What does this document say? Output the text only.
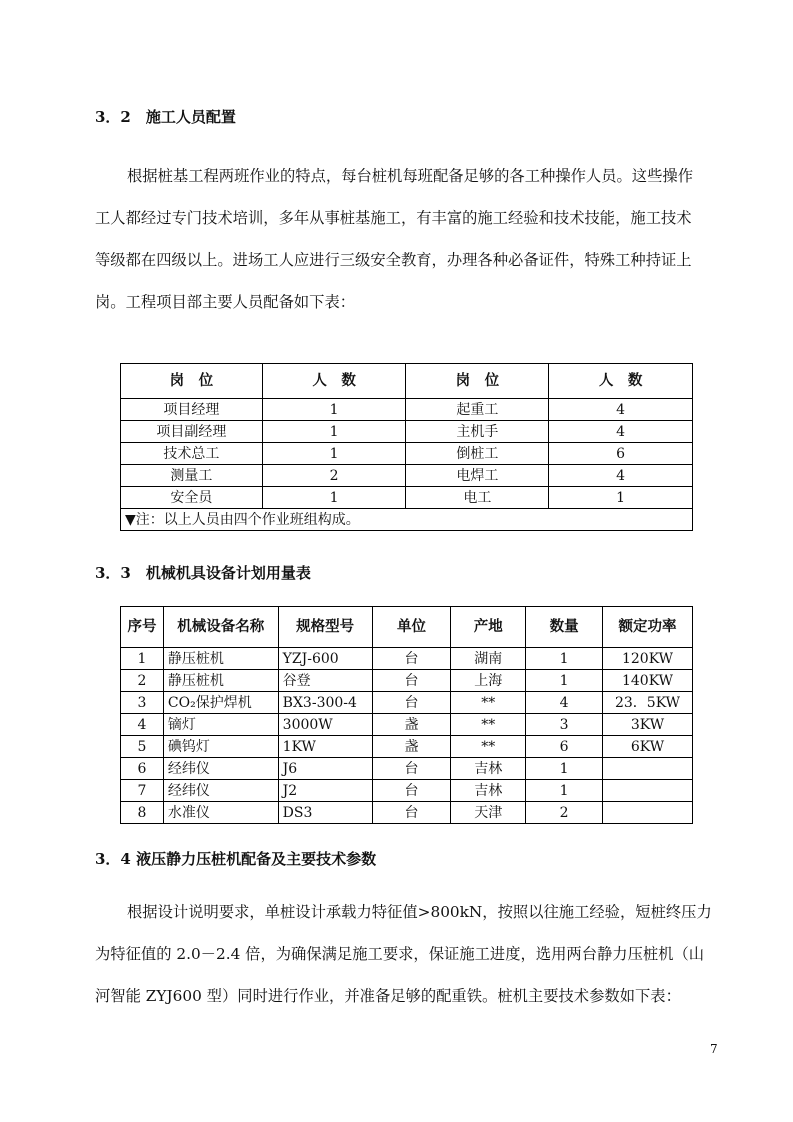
3．2　施工人员配置
根据桩基工程两班作业的特点，每台桩机每班配备足够的各工种操作人员。这些操作
工人都经过专门技术培训，多年从事桩基施工，有丰富的施工经验和技术技能，施工技术
等级都在四级以上。进场工人应进行三级安全教育，办理各种必备证件，特殊工种持证上
岗。工程项目部主要人员配备如下表：
岗　位	人　数	岗　位	人　数
项目经理	1	起重工	4
项目副经理	1	主机手	4
技术总工	1	倒桩工	6
测量工	2	电焊工	4
安全员	1	电工	1
▼注：以上人员由四个作业班组构成。			
3．3　机械机具设备计划用量表
序号	机械设备名称	规格型号	单位	产地	数量	额定功率
1	静压桩机	YZJ-600	台	湖南	1	120KW
2	静压桩机	谷登	台	上海	1	140KW
3	CO₂保护焊机	BX3-300-4	台	**	4	23．5KW
4	镝灯	3000W	盏	**	3	3KW
5	碘钨灯	1KW	盏	**	6	6KW
6	经纬仪	J6	台	吉林	1	
7	经纬仪	J2	台	吉林	1	
8	水准仪	DS3	台	天津	2	
3．4 液压静力压桩机配备及主要技术参数
根据设计说明要求，单桩设计承载力特征值>800kN，按照以往施工经验，短桩终压力
为特征值的 2.0－2.4 倍，为确保满足施工要求，保证施工进度，选用两台静力压桩机（山
河智能 ZYJ600 型）同时进行作业，并准备足够的配重铁。桩机主要技术参数如下表：
7
